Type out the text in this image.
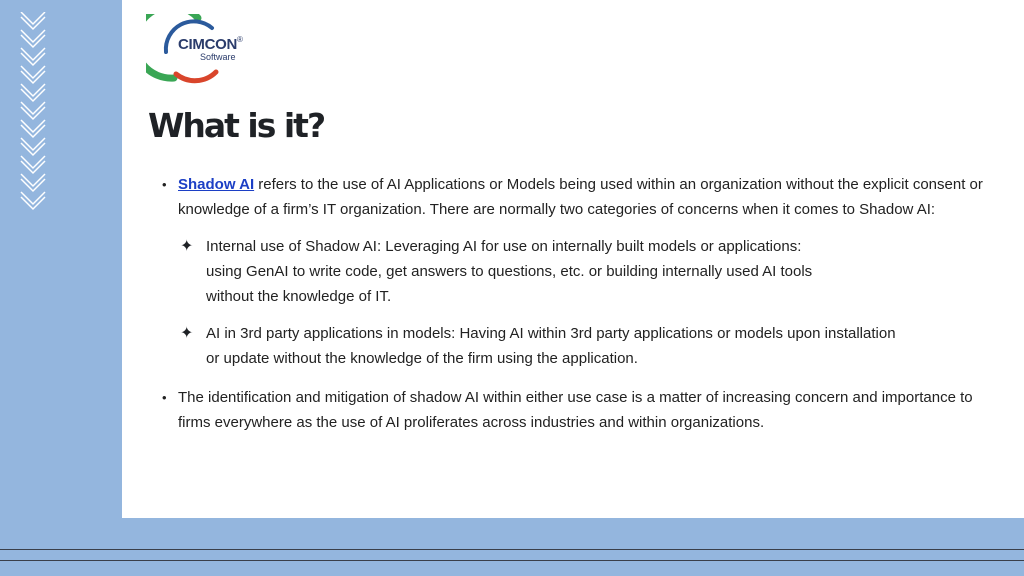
CIMCON®
Software
What is it?
• Shadow AI refers to the use of AI Applications or Models being used within an organization without the explicit consent or knowledge of a firm’s IT organization. There are normally two categories of concerns when it comes to Shadow AI:
✦ Internal use of Shadow AI: Leveraging AI for use on internally built models or applications:
using GenAI to write code, get answers to questions, etc. or building internally used AI tools
without the knowledge of IT.
✦ AI in 3rd party applications in models: Having AI within 3rd party applications or models upon installation
or update without the knowledge of the firm using the application.
• The identification and mitigation of shadow AI within either use case is a matter of increasing concern and importance to firms everywhere as the use of AI proliferates across industries and within organizations.
